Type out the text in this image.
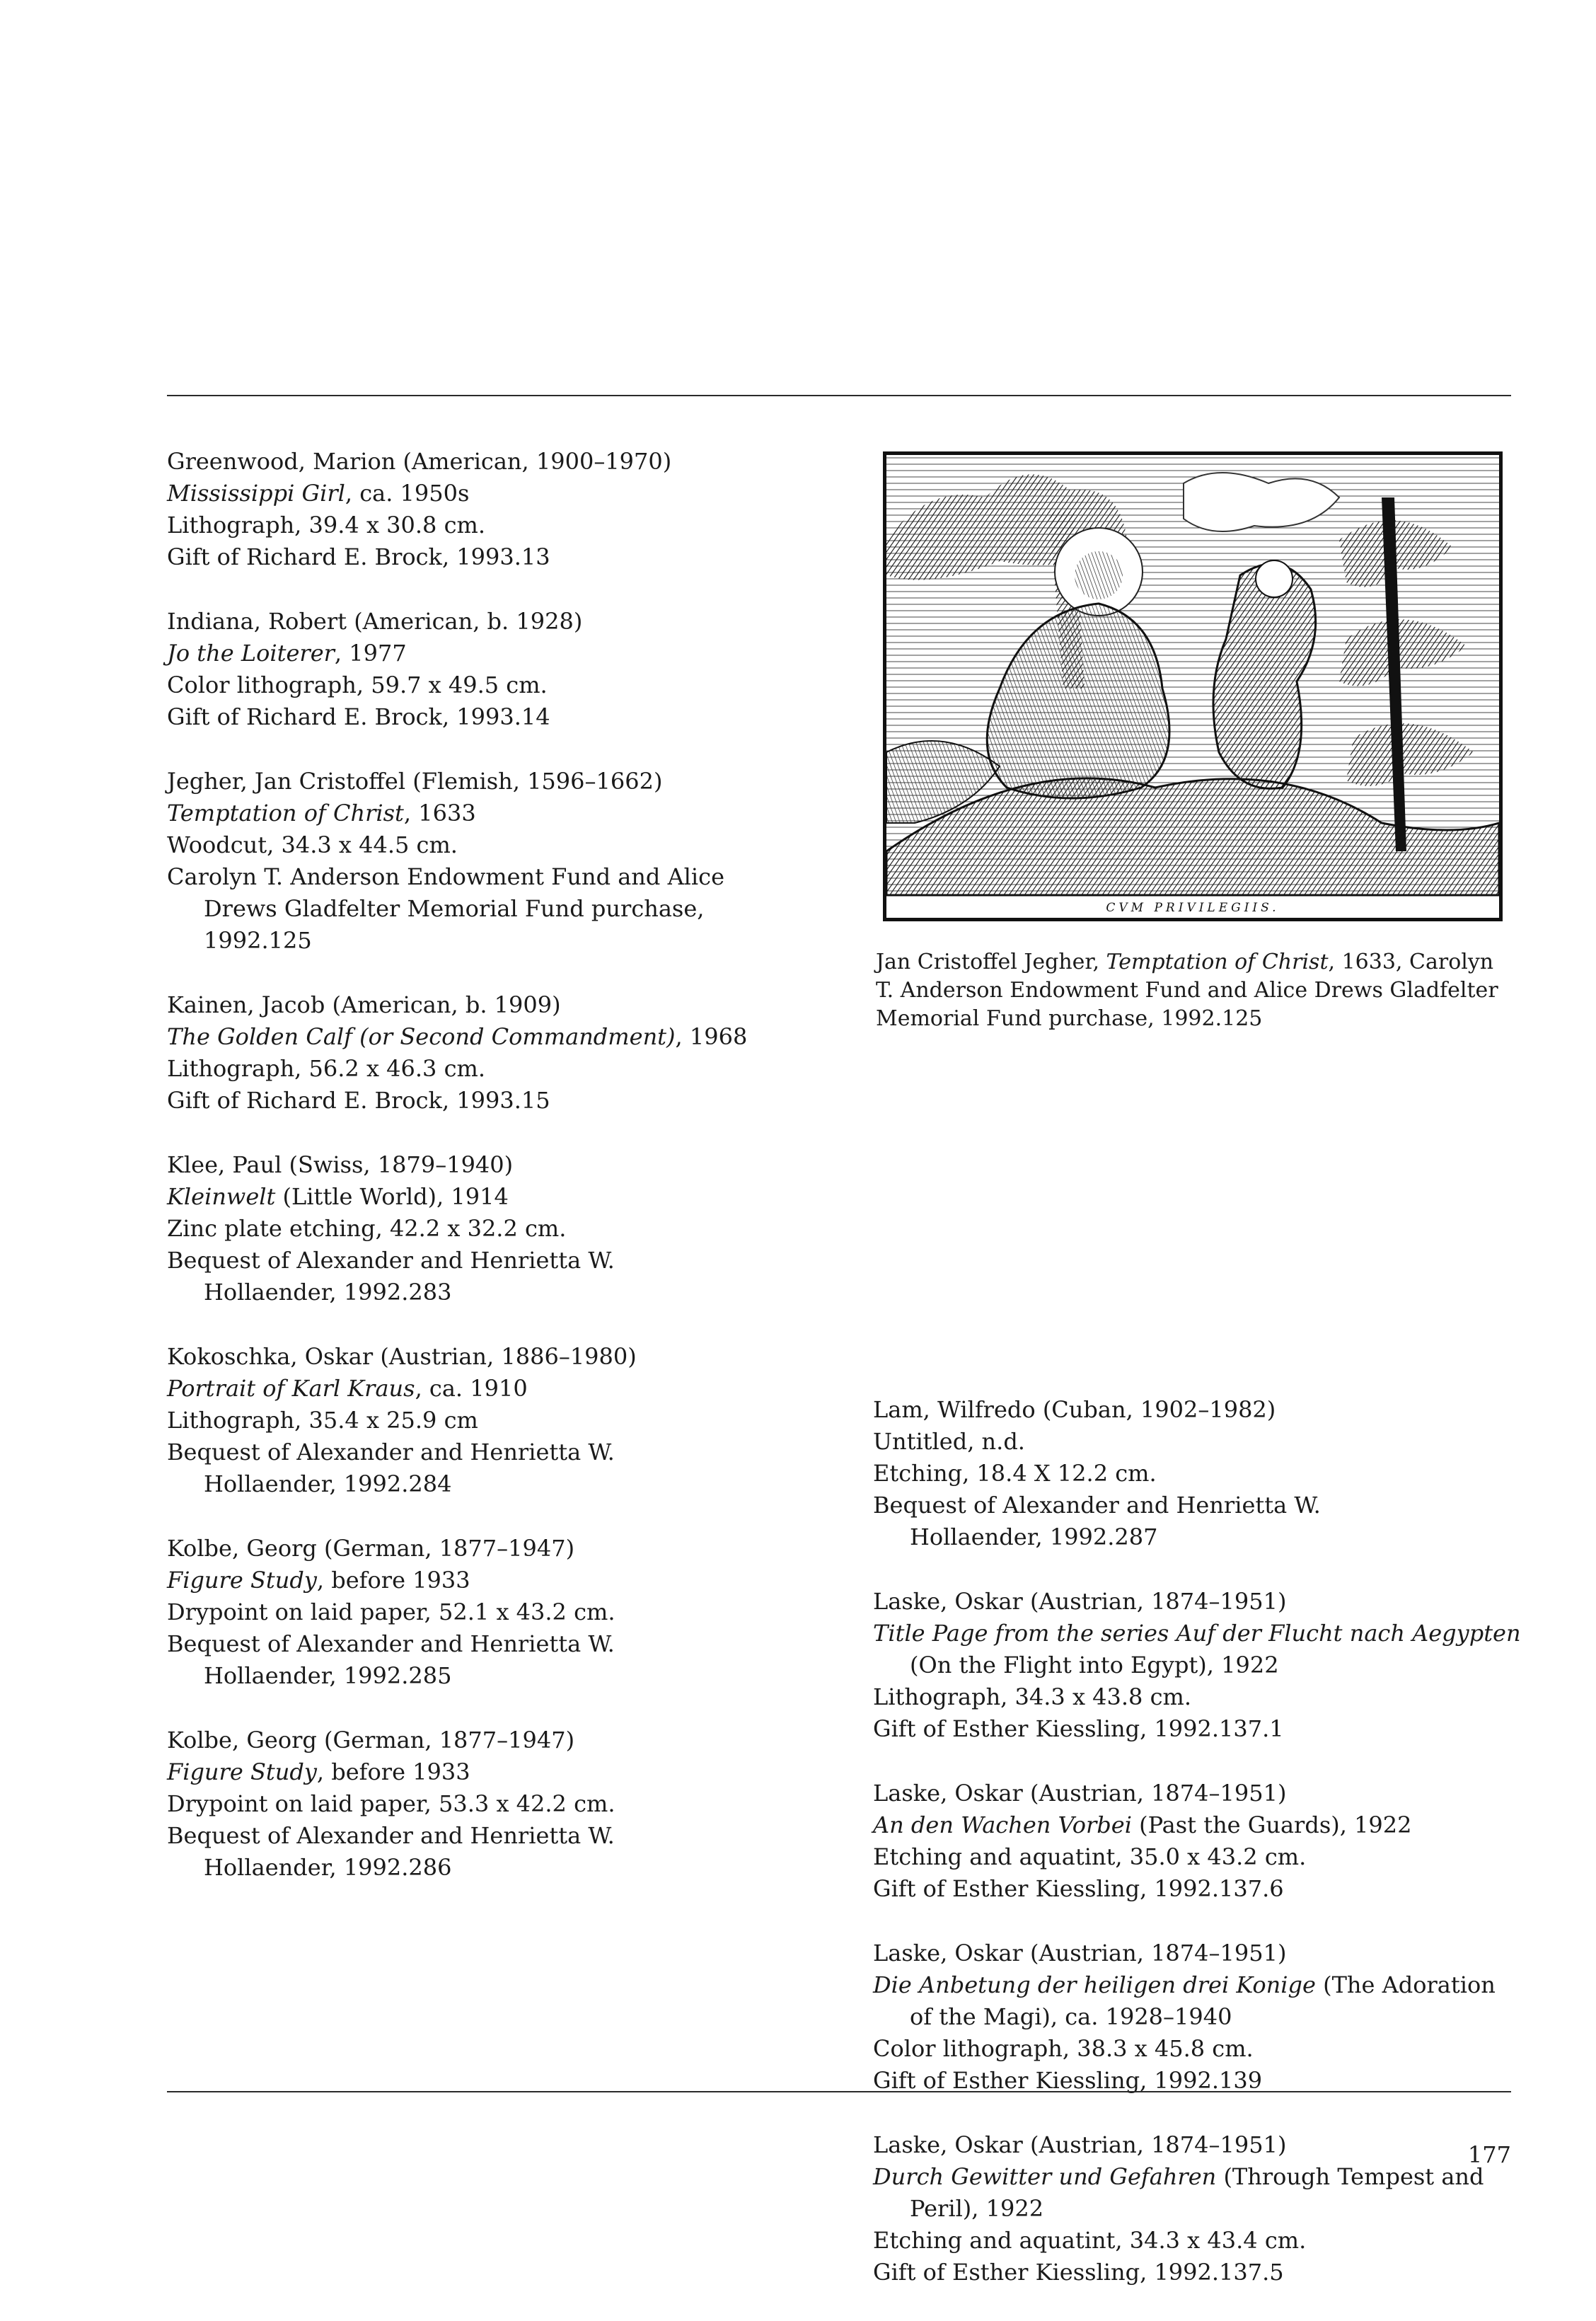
Greenwood, Marion (American, 1900–1970)
Mississippi Girl, ca. 1950s
Lithograph, 39.4 x 30.8 cm.
Gift of Richard E. Brock, 1993.13
Indiana, Robert (American, b. 1928)
Jo the Loiterer, 1977
Color lithograph, 59.7 x 49.5 cm.
Gift of Richard E. Brock, 1993.14
Jegher, Jan Cristoffel (Flemish, 1596–1662)
Temptation of Christ, 1633
Woodcut, 34.3 x 44.5 cm.
Carolyn T. Anderson Endowment Fund and Alice
Drews Gladfelter Memorial Fund purchase,
1992.125
Kainen, Jacob (American, b. 1909)
The Golden Calf (or Second Commandment), 1968
Lithograph, 56.2 x 46.3 cm.
Gift of Richard E. Brock, 1993.15
Klee, Paul (Swiss, 1879–1940)
Kleinwelt (Little World), 1914
Zinc plate etching, 42.2 x 32.2 cm.
Bequest of Alexander and Henrietta W.
Hollaender, 1992.283
Kokoschka, Oskar (Austrian, 1886–1980)
Portrait of Karl Kraus, ca. 1910
Lithograph, 35.4 x 25.9 cm
Bequest of Alexander and Henrietta W.
Hollaender, 1992.284
Kolbe, Georg (German, 1877–1947)
Figure Study, before 1933
Drypoint on laid paper, 52.1 x 43.2 cm.
Bequest of Alexander and Henrietta W.
Hollaender, 1992.285
Kolbe, Georg (German, 1877–1947)
Figure Study, before 1933
Drypoint on laid paper, 53.3 x 42.2 cm.
Bequest of Alexander and Henrietta W.
Hollaender, 1992.286
CVM PRIVILEGIIS.
Jan Cristoffel Jegher, Temptation of Christ, 1633, Carolyn T. Anderson Endowment Fund and Alice Drews Gladfelter Memorial Fund purchase, 1992.125
Lam, Wilfredo (Cuban, 1902–1982)
Untitled, n.d.
Etching, 18.4 X 12.2 cm.
Bequest of Alexander and Henrietta W.
Hollaender, 1992.287
Laske, Oskar (Austrian, 1874–1951)
Title Page from the series Auf der Flucht nach Aegypten
(On the Flight into Egypt), 1922
Lithograph, 34.3 x 43.8 cm.
Gift of Esther Kiessling, 1992.137.1
Laske, Oskar (Austrian, 1874–1951)
An den Wachen Vorbei (Past the Guards), 1922
Etching and aquatint, 35.0 x 43.2 cm.
Gift of Esther Kiessling, 1992.137.6
Laske, Oskar (Austrian, 1874–1951)
Die Anbetung der heiligen drei Konige (The Adoration
of the Magi), ca. 1928–1940
Color lithograph, 38.3 x 45.8 cm.
Gift of Esther Kiessling, 1992.139
Laske, Oskar (Austrian, 1874–1951)
Durch Gewitter und Gefahren (Through Tempest and
Peril), 1922
Etching and aquatint, 34.3 x 43.4 cm.
Gift of Esther Kiessling, 1992.137.5
177
